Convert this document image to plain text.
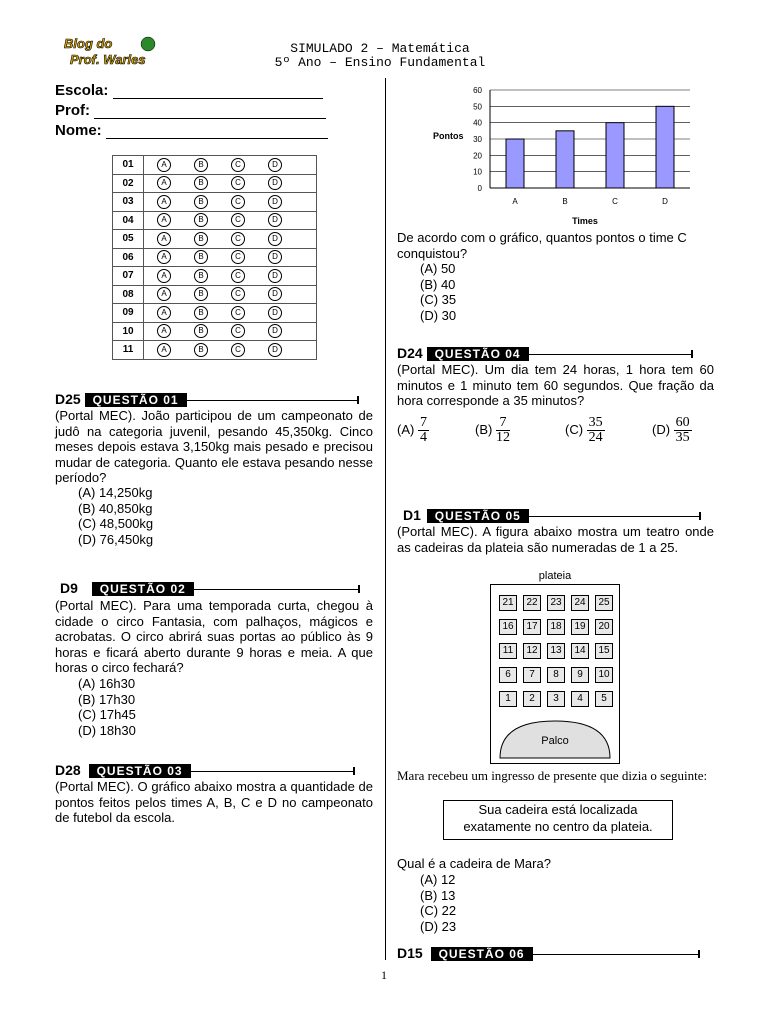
Blog do
Prof. Warles
SIMULADO 2 – Matemática
5º Ano – Ensino Fundamental
Escola:
Prof:
Nome:
01	A B C D
02	A B C D
03	A B C D
04	A B C D
05	A B C D
06	A B C D
07	A B C D
08	A B C D
09	A B C D
10	A B C D
11	A B C D
D25 QUESTÃO 01
(Portal MEC). João participou de um campeonato de judô na categoria juvenil, pesando 45,350kg. Cinco meses depois estava 3,150kg mais pesado e precisou mudar de categoria. Quanto ele estava pesando nesse período?
(A) 14,250kg
(B) 40,850kg
(C) 48,500kg
(D) 76,450kg
D9 QUESTÃO 02
(Portal MEC). Para uma temporada curta, chegou à cidade o circo Fantasia, com palhaços, mágicos e acrobatas. O circo abrirá suas portas ao público às 9 horas e ficará aberto durante 9 horas e meia. A que horas o circo fechará?
(A) 16h30
(B) 17h30
(C) 17h45
(D) 18h30
D28 QUESTÃO 03
(Portal MEC). O gráfico abaixo mostra a quantidade de pontos feitos pelos times A, B, C e D no campeonato de futebol da escola.
0
10
20
30
40
50
60
A	B	C	D
Pontos
Times
De acordo com o gráfico, quantos pontos o time C conquistou?
(A) 50
(B) 40
(C) 35
(D) 30
D24 QUESTÃO 04
(Portal MEC). Um dia tem 24 horas, 1 hora tem 60 minutos e 1 minuto tem 60 segundos. Que fração da hora corresponde a 35 minutos?
$(A) \frac{7}{4}$	$(B) \frac{7}{12}$	$(C) \frac{35}{24}$	$(D) \frac{60}{35}$
D1 QUESTÃO 05
(Portal MEC). A figura abaixo mostra um teatro onde as cadeiras da plateia são numeradas de 1 a 25.
plateia
21	22	23	24	25
16	17	18	19	20
11	12	13	14	15
6	7	8	9	10
1	2	3	4	5
Palco
Mara recebeu um ingresso de presente que dizia o seguinte:
Sua cadeira está localizada
exatamente no centro da plateia.
Qual é a cadeira de Mara?
(A) 12
(B) 13
(C) 22
(D) 23
D15 QUESTÃO 06
1
